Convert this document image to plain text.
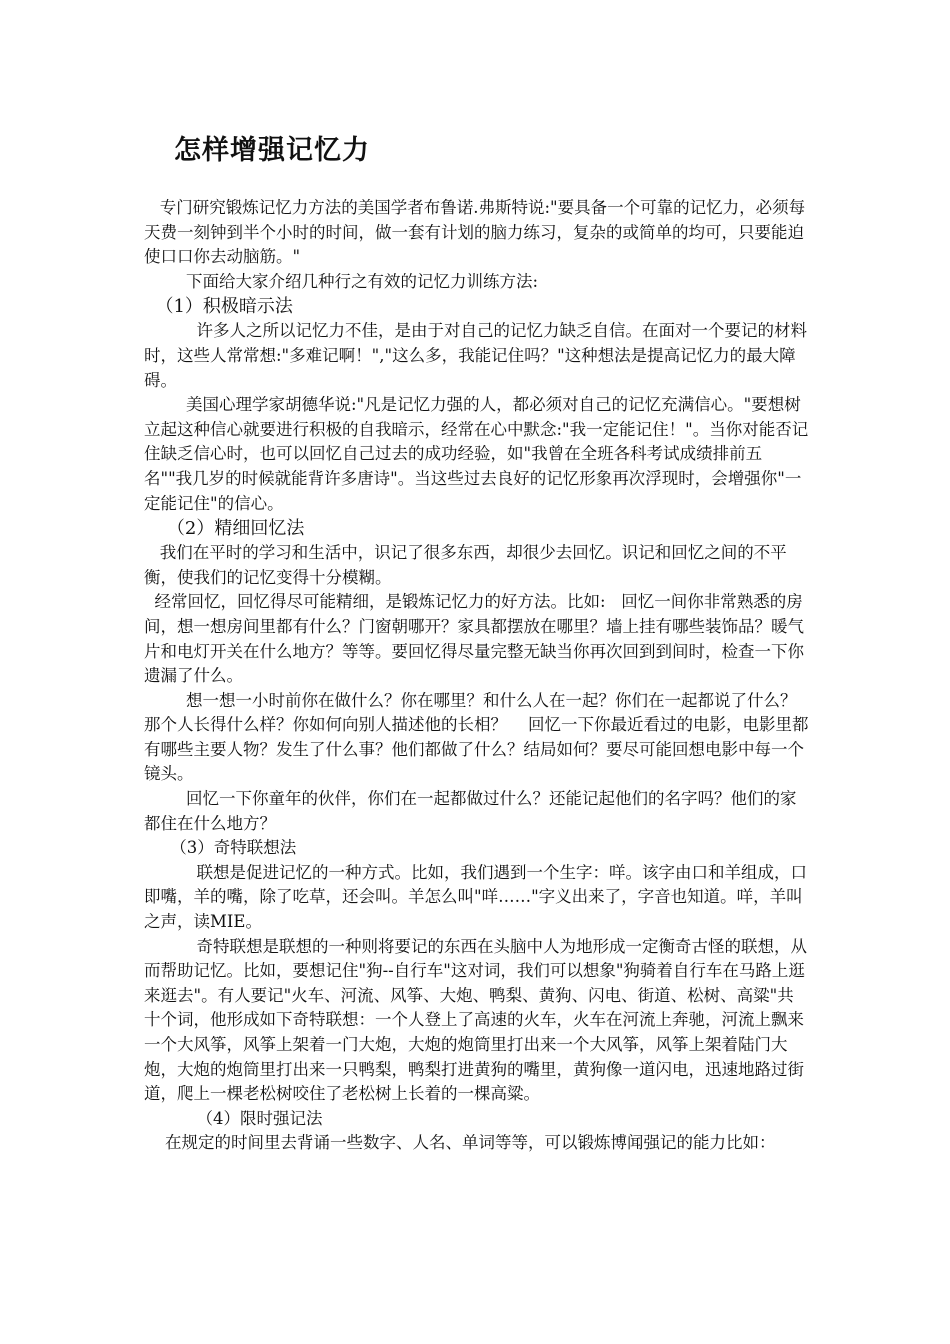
怎样增强记忆力
专门研究锻炼记忆力方法的美国学者布鲁诺.弗斯特说:"要具备一个可靠的记忆力，必须每天费一刻钟到半个小时的时间，做一套有计划的脑力练习，复杂的或简单的均可，只要能迫使口口你去动脑筋。"
下面给大家介绍几种行之有效的记忆力训练方法:
（1）积极暗示法
许多人之所以记忆力不佳，是由于对自己的记忆力缺乏自信。在面对一个要记的材料时，这些人常常想:"多难记啊！","这么多，我能记住吗？"这种想法是提高记忆力的最大障碍。
美国心理学家胡德华说:"凡是记忆力强的人，都必须对自己的记忆充满信心。"要想树立起这种信心就要进行积极的自我暗示，经常在心中默念:"我一定能记住！"。当你对能否记住缺乏信心时，也可以回忆自己过去的成功经验，如"我曾在全班各科考试成绩排前五名""我几岁的时候就能背许多唐诗"。当这些过去良好的记忆形象再次浮现时，会增强你"一定能记住"的信心。
（2）精细回忆法
我们在平时的学习和生活中，识记了很多东西，却很少去回忆。识记和回忆之间的不平衡，使我们的记忆变得十分模糊。
经常回忆，回忆得尽可能精细，是锻炼记忆力的好方法。比如:   回忆一间你非常熟悉的房间，想一想房间里都有什么？门窗朝哪开？家具都摆放在哪里？墙上挂有哪些装饰品？暖气片和电灯开关在什么地方？等等。要回忆得尽量完整无缺当你再次回到到间时，检查一下你遗漏了什么。
想一想一小时前你在做什么？你在哪里？和什么人在一起？你们在一起都说了什么？那个人长得什么样？你如何向别人描述他的长相？    回忆一下你最近看过的电影，电影里都有哪些主要人物？发生了什么事？他们都做了什么？结局如何？要尽可能回想电影中每一个镜头。
回忆一下你童年的伙伴，你们在一起都做过什么？还能记起他们的名字吗？他们的家都住在什么地方？
（3）奇特联想法
联想是促进记忆的一种方式。比如，我们遇到一个生字：咩。该字由口和羊组成，口即嘴，羊的嘴，除了吃草，还会叫。羊怎么叫"咩……"字义出来了，字音也知道。咩，羊叫之声，读MIE。
奇特联想是联想的一种则将要记的东西在头脑中人为地形成一定衡奇古怪的联想，从而帮助记忆。比如，要想记住"狗--自行车"这对词，我们可以想象"狗骑着自行车在马路上逛来逛去"。有人要记"火车、河流、风筝、大炮、鸭梨、黄狗、闪电、街道、松树、高粱"共十个词，他形成如下奇特联想：一个人登上了高速的火车，火车在河流上奔驰，河流上飘来一个大风筝，风筝上架着一门大炮，大炮的炮筒里打出来一个大风筝，风筝上架着陆门大炮，大炮的炮筒里打出来一只鸭梨，鸭梨打进黄狗的嘴里，黄狗像一道闪电，迅速地路过街道，爬上一棵老松树咬住了老松树上长着的一棵高粱。
（4）限时强记法
在规定的时间里去背诵一些数字、人名、单词等等，可以锻炼博闻强记的能力比如：
